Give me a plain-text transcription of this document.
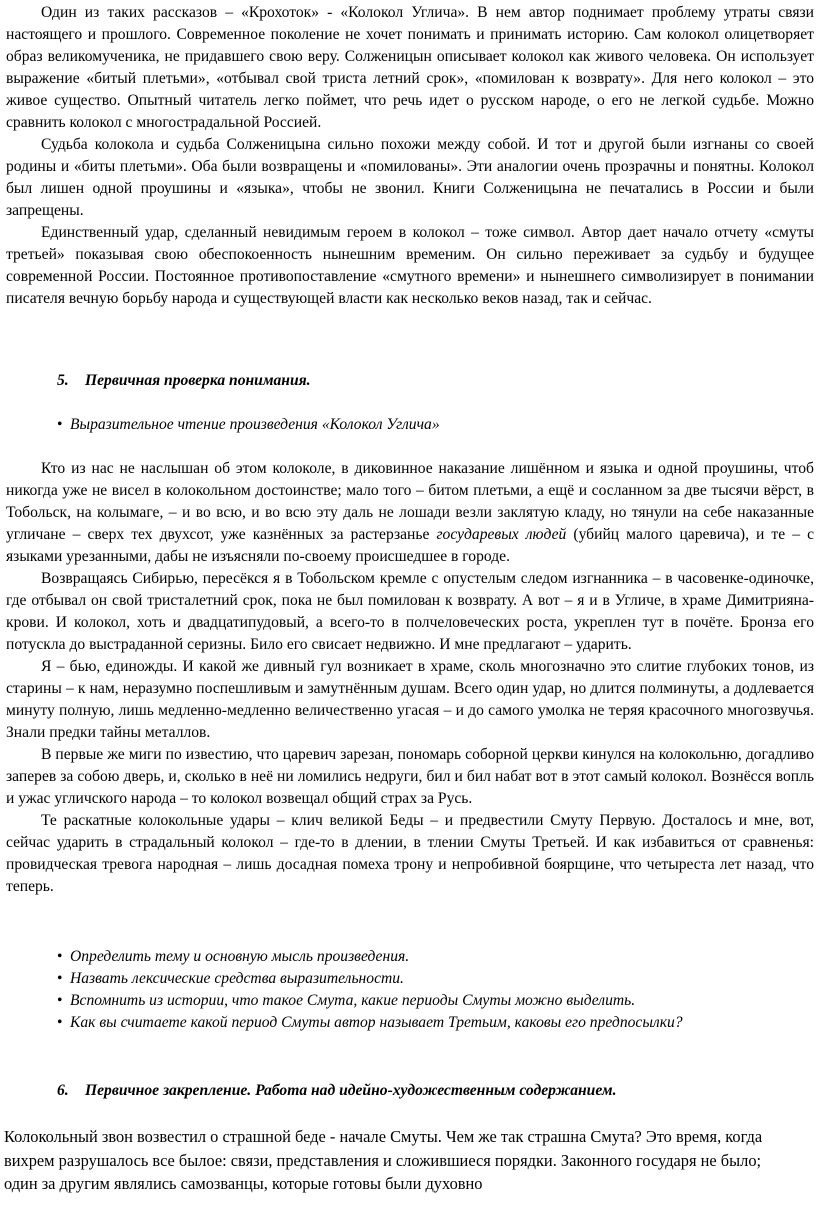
Один из таких рассказов – «Крохоток» - «Колокол Углича». В нем автор поднимает проблему утраты связи настоящего и прошлого. Современное поколение не хочет понимать и принимать историю. Сам колокол олицетворяет образ великомученика, не придавшего свою веру. Солженицын описывает колокол как живого человека. Он использует выражение «битый плетьми», «отбывал свой триста летний срок», «помилован к возврату». Для него колокол – это живое существо. Опытный читатель легко поймет, что речь идет о русском народе, о его не легкой судьбе. Можно сравнить колокол с многострадальной Россией.

Судьба колокола и судьба Солженицына сильно похожи между собой. И тот и другой были изгнаны со своей родины и «биты плетьми». Оба были возвращены и «помилованы». Эти аналогии очень прозрачны и понятны. Колокол был лишен одной проушины и «языка», чтобы не звонил. Книги Солженицына не печатались в России и были запрещены.

Единственный удар, сделанный невидимым героем в колокол – тоже символ. Автор дает начало отчету «смуты третьей» показывая свою обеспокоенность нынешним временим. Он сильно переживает за судьбу и будущее современной России. Постоянное противопоставление «смутного времени» и нынешнего символизирует в понимании писателя вечную борьбу народа и существующей власти как несколько веков назад, так и сейчас.

5. Первичная проверка понимания.
• Выразительное чтение произведения «Колокол Углича»

Кто из нас не наслышан об этом колоколе, в диковинное наказание лишённом и языка и одной проушины, чтоб никогда уже не висел в колокольном достоинстве; мало того – битом плетьми, а ещё и сосланном за две тысячи вёрст, в Тобольск, на колымаге, – и во всю, и во всю эту даль не лошади везли заклятую кладу, но тянули на себе наказанные угличане – сверх тех двухсот, уже казнённых за растерзанье государевых людей (убийц малого царевича), и те – с языками урезанными, дабы не изъясняли по-своему происшедшее в городе.

Возвращаясь Сибирью, пересёкся я в Тобольском кремле с опустелым следом изгнанника – в часовенке-одиночке, где отбывал он свой тристалетний срок, пока не был помилован к возврату. А вот – я и в Угличе, в храме Димитрияна-крови. И колокол, хоть и двадцатипудовый, а всего-то в полчеловеческих роста, укреплен тут в почёте. Бронза его потускла до выстраданной серизны. Било его свисает недвижно. И мне предлагают – ударить.

Я – бью, единожды. И какой же дивный гул возникает в храме, сколь многозначно это слитие глубоких тонов, из старины – к нам, неразумно поспешливым и замутнённым душам. Всего один удар, но длится полминуты, а додлевается минуту полную, лишь медленно-медленно величественно угасая – и до самого умолка не теряя красочного многозвучья. Знали предки тайны металлов.

В первые же миги по известию, что царевич зарезан, пономарь соборной церкви кинулся на колокольню, догадливо заперев за собою дверь, и, сколько в неё ни ломились недруги, бил и бил набат вот в этот самый колокол. Вознёсся вопль и ужас угличского народа – то колокол возвещал общий страх за Русь.

Те раскатные колокольные удары – клич великой Беды – и предвестили Смуту Первую. Досталось и мне, вот, сейчас ударить в страдальный колокол – где-то в длении, в тлении Смуты Третьей. И как избавиться от сравненья: провидческая тревога народная – лишь досадная помеха трону и непробивной боярщине, что четыреста лет назад, что теперь.

• Определить тему и основную мысль произведения.
• Назвать лексические средства выразительности.
• Вспомнить из истории, что такое Смута, какие периоды Смуты можно выделить.
• Как вы считаете какой период Смуты автор называет Третьим, каковы его предпосылки?
6. Первичное закрепление. Работа над идейно-художественным содержанием.

Колокольный звон возвестил о страшной беде - начале Смуты. Чем же так страшна Смута? Это время, когда вихрем разрушалось все былое: связи, представления и сложившиеся порядки. Законного государя не было; один за другим являлись самозванцы, которые готовы были духовно
